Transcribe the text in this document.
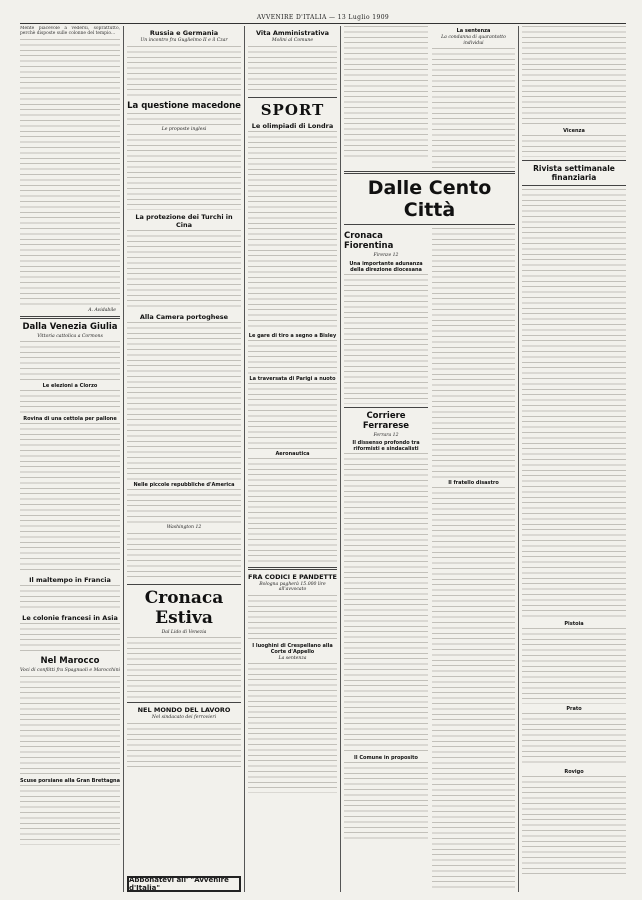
AVVENIRE D'ITALIA — 13 Luglio 1909

Mente piacevole a vedersi, soprattutto, perchè disposte sulle colonne del tempio...

A. Avidabile

Dalla Venezia Giulia
Vittoria cattolica a Cormons
Le elezioni a Clorzo
Rovina di una cettola per pallone
Il maltempo in Francia
Le colonie francesi in Asia
Nel Marocco
Voci di conflitti fra Spagnuoli e Marocchini
Scuse porsiane alla Gran Brettagna
Russia e Germania
Un incontro fra Guglielmo II e il Czar
La questione macedone
Le proposte inglesi
La protezione dei Turchi in Cina
Alla Camera portoghese
Nelle piccole repubbliche d'America
Washington 12
Cronaca Estiva
Dal Lido di Venezia
NEL MONDO DEL LAVORO
Nel sindacato dei ferrovieri
Abbonatevi all' "Avvenire d'Italia"
Vita Amministrativa
Molini al Comune
SPORT
Le olimpiadi di Londra
Le gare di tiro a segno a Bisley
La traversata di Parigi a nuoto
Aeronautica
FRA CODICI E PANDETTE
Bologna pagherà 15.000 lire all'avvocato
I luoghini di Crespellano alla Corte d'Appello
La sentenza
La sentenza
La condanna di quarantotto individui
Dalle Cento Città
Cronaca Fiorentina
Firenze 12
Una importante adunanza della direzione diocesana
Corriere Ferrarese
Ferrara 12
Il dissenso profondo tra riformisti e sindacalisti
Il Comune in proposito
Il fratello disastro
Vicenza
Rivista settimanale finanziaria
Pistoia
Prato
Rovigo
